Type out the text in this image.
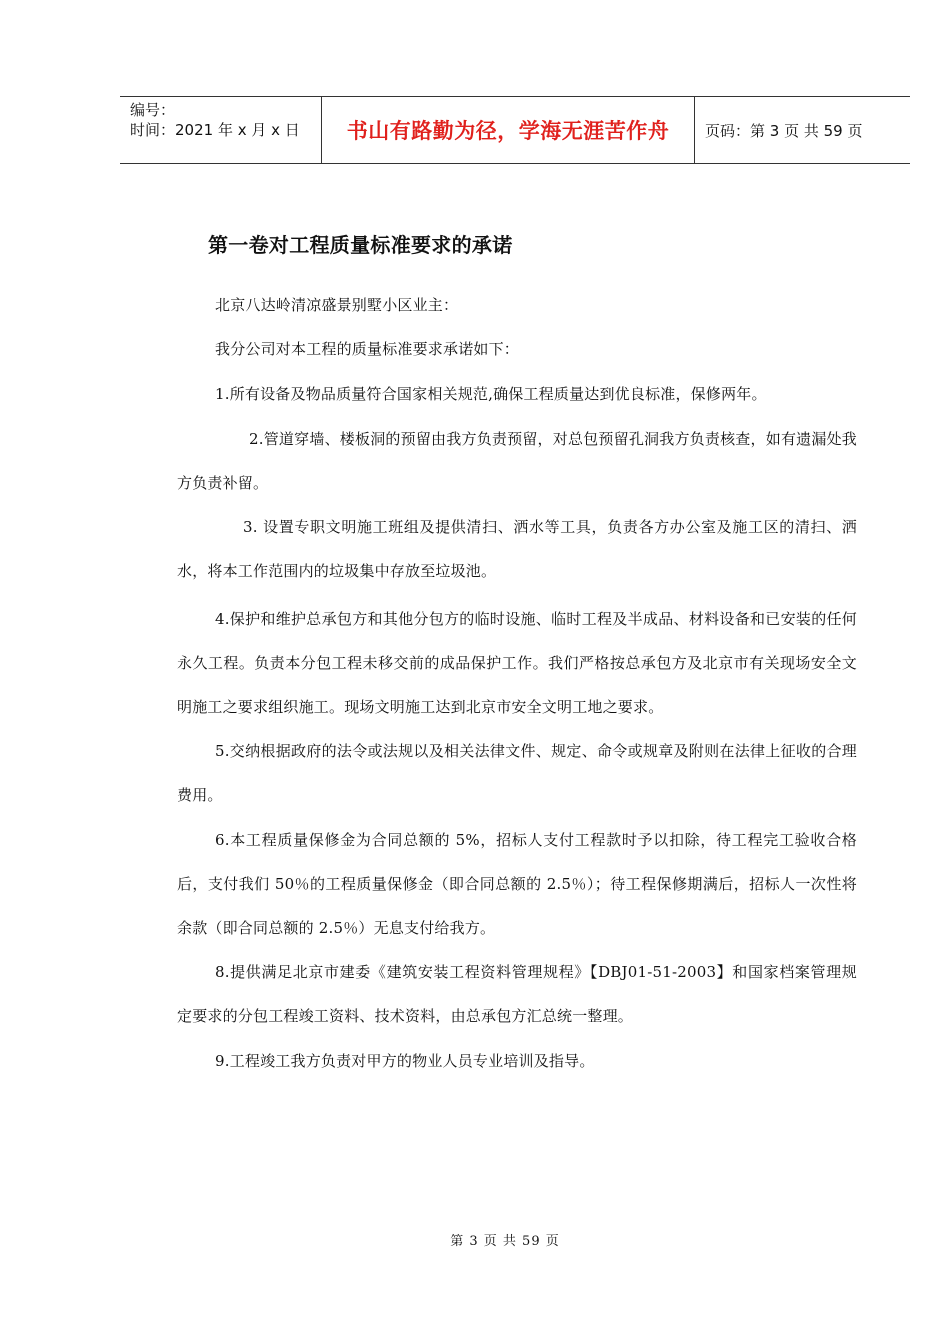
编号：
时间：2021 年 x 月 x 日	书山有路勤为径，学海无涯苦作舟 页码：第 3 页 共 59 页
第一卷对工程质量标准要求的承诺
北京八达岭清凉盛景别墅小区业主：
我分公司对本工程的质量标准要求承诺如下：
1.所有设备及物品质量符合国家相关规范,确保工程质量达到优良标准，保修两年。
2.管道穿墙、楼板洞的预留由我方负责预留，对总包预留孔洞我方负责核查，如有遗漏处我方负责补留。
3. 设置专职文明施工班组及提供清扫、洒水等工具，负责各方办公室及施工区的清扫、洒水，将本工作范围内的垃圾集中存放至垃圾池。
4.保护和维护总承包方和其他分包方的临时设施、临时工程及半成品、材料设备和已安装的任何永久工程。负责本分包工程未移交前的成品保护工作。我们严格按总承包方及北京市有关现场安全文明施工之要求组织施工。现场文明施工达到北京市安全文明工地之要求。
5.交纳根据政府的法令或法规以及相关法律文件、规定、命令或规章及附则在法律上征收的合理费用。
6.本工程质量保修金为合同总额的 5%，招标人支付工程款时予以扣除，待工程完工验收合格后，支付我们 50％的工程质量保修金（即合同总额的 2.5％）；待工程保修期满后，招标人一次性将余款（即合同总额的 2.5％）无息支付给我方。
8.提供满足北京市建委《建筑安装工程资料管理规程》【DBJ01-51-2003】和国家档案管理规定要求的分包工程竣工资料、技术资料，由总承包方汇总统一整理。
9.工程竣工我方负责对甲方的物业人员专业培训及指导。
第 3 页 共 59 页
